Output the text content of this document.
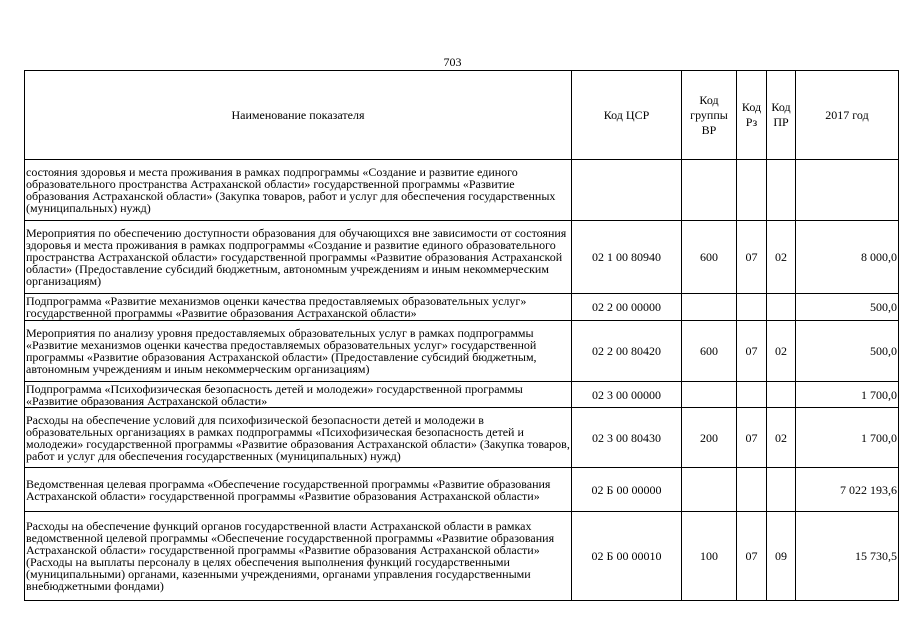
703
Наименование показателя	Код ЦСР	Код группы ВР	Код Рз	Код ПР	2017 год
состояния здоровья и места проживания в рамках подпрограммы «Создание и развитие единого образовательного пространства Астраханской области» государственной программы «Развитие образования Астраханской области» (Закупка товаров, работ и услуг для обеспечения государственных (муниципальных) нужд)					
Мероприятия по обеспечению доступности образования для обучающихся вне зависимости от состояния здоровья и места проживания в рамках подпрограммы «Создание и развитие единого образовательного пространства Астраханской области» государственной программы «Развитие образования Астраханской области» (Предоставление субсидий бюджетным, автономным учреждениям и иным некоммерческим организациям)	02 1 00 80940	600	07	02	8 000,0
Подпрограмма «Развитие механизмов оценки качества предоставляемых образовательных услуг» государственной программы «Развитие образования Астраханской области»	02 2 00 00000				500,0
Мероприятия по анализу уровня предоставляемых образовательных услуг в рамках подпрограммы «Развитие механизмов оценки качества предоставляемых образовательных услуг» государственной программы «Развитие образования Астраханской области» (Предоставление субсидий бюджетным, автономным учреждениям и иным некоммерческим организациям)	02 2 00 80420	600	07	02	500,0
Подпрограмма «Психофизическая безопасность детей и молодежи» государственной программы «Развитие образования Астраханской области»	02 3 00 00000				1 700,0
Расходы на обеспечение условий для психофизической безопасности детей и молодежи в образовательных организациях в рамках подпрограммы «Психофизическая безопасность детей и молодежи» государственной программы «Развитие образования Астраханской области» (Закупка товаров, работ и услуг для обеспечения государственных (муниципальных) нужд)	02 3 00 80430	200	07	02	1 700,0
Ведомственная целевая программа «Обеспечение государственной программы «Развитие образования Астраханской области» государственной программы «Развитие образования Астраханской области»	02 Б 00 00000				7 022 193,6
Расходы на обеспечение функций органов государственной власти Астраханской области в рамках ведомственной целевой программы «Обеспечение государственной программы «Развитие образования Астраханской области» государственной программы «Развитие образования Астраханской области» (Расходы на выплаты персоналу в целях обеспечения выполнения функций государственными (муниципальными) органами, казенными учреждениями, органами управления государственными внебюджетными фондами)	02 Б 00 00010	100	07	09	15 730,5
